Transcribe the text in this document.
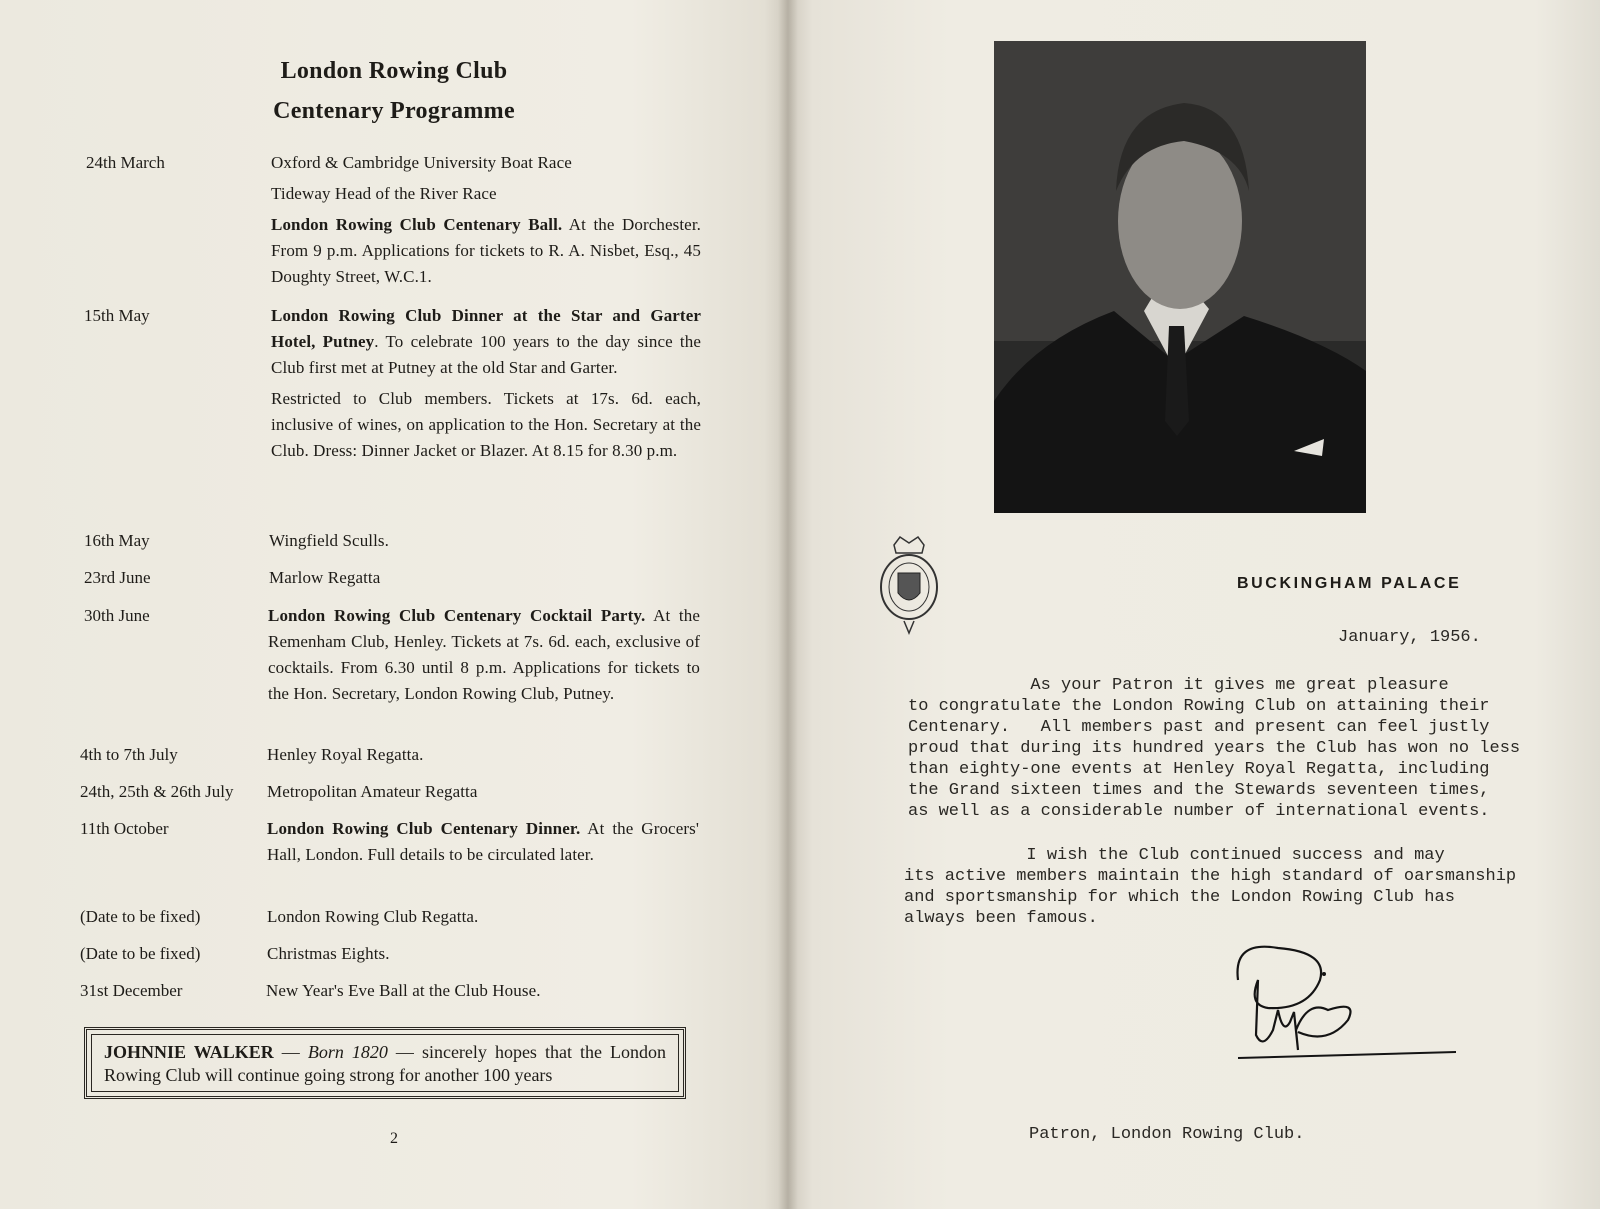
London Rowing Club
Centenary Programme
24th March	Oxford & Cambridge University Boat Race

Tideway Head of the River Race

London Rowing Club Centenary Ball. At the Dorchester. From 9 p.m. Applications for tickets to R. A. Nisbet, Esq., 45 Doughty Street, W.C.1.

15th May	London Rowing Club Dinner at the Star and Garter Hotel, Putney. To celebrate 100 years to the day since the Club first met at Putney at the old Star and Garter.

Restricted to Club members. Tickets at 17s. 6d. each, inclusive of wines, on application to the Hon. Secretary at the Club. Dress: Dinner Jacket or Blazer. At 8.15 for 8.30 p.m.

16th May	Wingfield Sculls.

23rd June	Marlow Regatta

30th June	London Rowing Club Centenary Cocktail Party. At the Remenham Club, Henley. Tickets at 7s. 6d. each, exclusive of cocktails. From 6.30 until 8 p.m. Applications for tickets to the Hon. Secretary, London Rowing Club, Putney.

4th to 7th July	Henley Royal Regatta.

24th, 25th & 26th July Metropolitan Amateur Regatta

11th October	London Rowing Club Centenary Dinner. At the Grocers' Hall, London. Full details to be circulated later.

(Date to be fixed)	London Rowing Club Regatta.

(Date to be fixed)	Christmas Eights.

31st December	New Year's Eve Ball at the Club House.

JOHNNIE WALKER — Born 1820 — sincerely hopes that the London Rowing Club will continue going strong for another 100 years
2
BUCKINGHAM PALACE
January, 1956.
As your Patron it gives me great pleasure
to congratulate the London Rowing Club on attaining their
Centenary.   All members past and present can feel justly
proud that during its hundred years the Club has won no less
than eighty-one events at Henley Royal Regatta, including
the Grand sixteen times and the Stewards seventeen times,
as well as a considerable number of international events.
I wish the Club continued success and may
its active members maintain the high standard of oarsmanship
and sportsmanship for which the London Rowing Club has
always been famous.
Patron, London Rowing Club.
